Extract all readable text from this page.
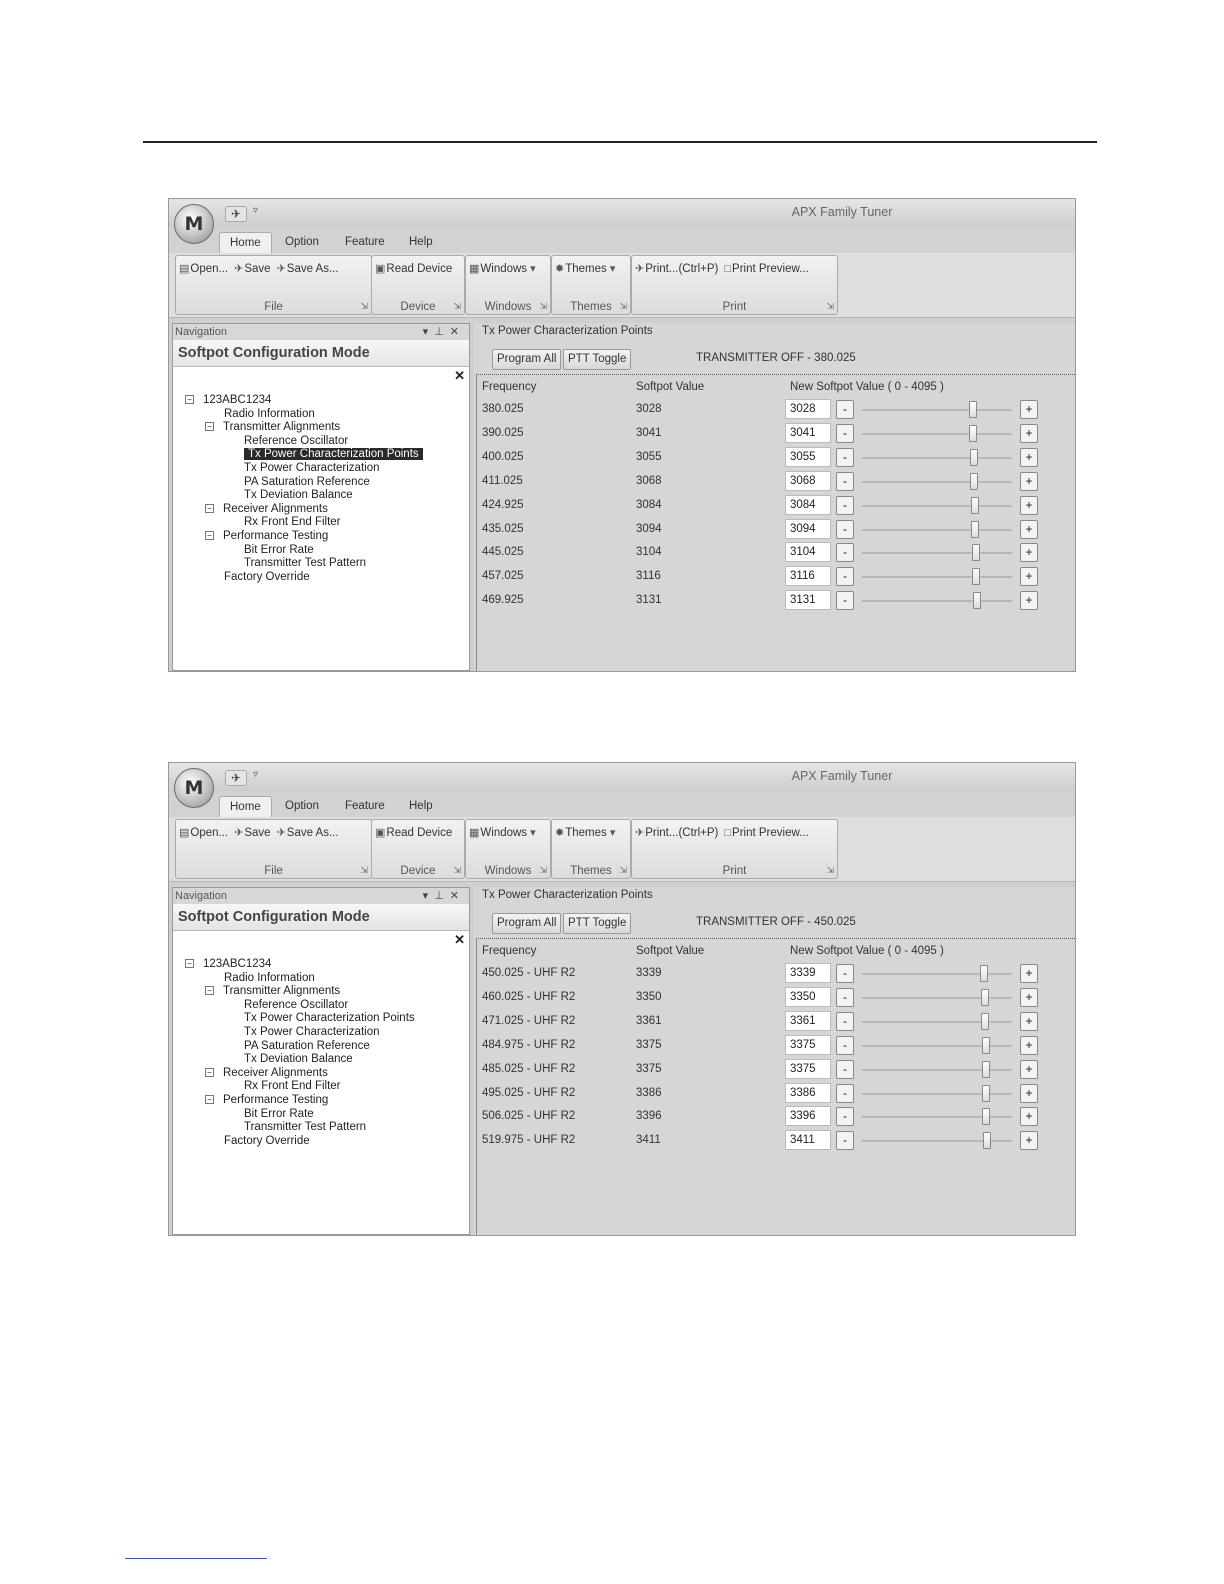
✈	▿	APX Family Tuner
M
Home	Option	Feature	Help
▤Open... ✈Save ✈Save As...
File	⇲
▣Read Device
Device	⇲
▦Windows ▾
Windows ⇲
✹Themes ▾
Themes ⇲
✈Print...(Ctrl+P) □Print Preview...
Print	⇲
Navigation	▾⊥✕
Softpot Configuration Mode
✕
− 123ABC1234
Radio Information
− Transmitter Alignments
Reference Oscillator
Tx Power Characterization Points
Tx Power Characterization
PA Saturation Reference
Tx Deviation Balance
− Receiver Alignments
Rx Front End Filter
− Performance Testing
Bit Error Rate
Transmitter Test Pattern
Factory Override
Tx Power Characterization Points
Program All	PTT Toggle	TRANSMITTER OFF - 380.025
Frequency	Softpot Value	New Softpot Value ( 0 - 4095 )
380.025	3028	3028	-	+
390.025	3041	3041	-	+
400.025	3055	3055	-	+
411.025	3068	3068	-	+
424.925	3084	3084	-	+
435.025	3094	3094	-	+
445.025	3104	3104	-	+
457.025	3116	3116	-	+
469.925	3131	3131	-	+
✈	▿	APX Family Tuner
M
Home	Option	Feature	Help
▤Open... ✈Save ✈Save As...
File	⇲
▣Read Device
Device	⇲
▦Windows ▾
Windows ⇲
✹Themes ▾
Themes ⇲
✈Print...(Ctrl+P) □Print Preview...
Print	⇲
Navigation	▾⊥✕
Softpot Configuration Mode
✕
− 123ABC1234
Radio Information
− Transmitter Alignments
Reference Oscillator
Tx Power Characterization Points
Tx Power Characterization
PA Saturation Reference
Tx Deviation Balance
− Receiver Alignments
Rx Front End Filter
− Performance Testing
Bit Error Rate
Transmitter Test Pattern
Factory Override
Tx Power Characterization Points
Program All	PTT Toggle	TRANSMITTER OFF - 450.025
Frequency	Softpot Value	New Softpot Value ( 0 - 4095 )
450.025 - UHF R2	3339	3339	-	+
460.025 - UHF R2	3350	3350	-	+
471.025 - UHF R2	3361	3361	-	+
484.975 - UHF R2	3375	3375	-	+
485.025 - UHF R2	3375	3375	-	+
495.025 - UHF R2	3386	3386	-	+
506.025 - UHF R2	3396	3396	-	+
519.975 - UHF R2	3411	3411	-	+
